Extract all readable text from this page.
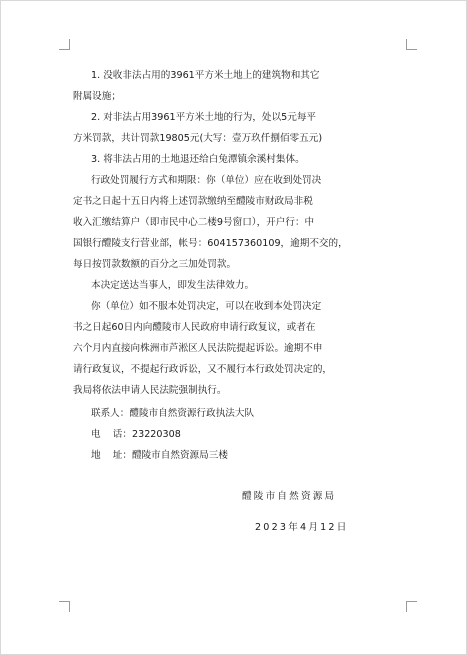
1. 没收非法占用的3961平方米土地上的建筑物和其它
附属设施；
2. 对非法占用3961平方米土地的行为，处以5元每平
方米罚款，共计罚款19805元(大写：壹万玖仟捌佰零五元)
3. 将非法占用的土地退还给白兔潭镇余溪村集体。
行政处罚履行方式和期限：你（单位）应在收到处罚决
定书之日起十五日内将上述罚款缴纳至醴陵市财政局非税
收入汇缴结算户（即市民中心二楼9号窗口），开户行：中
国银行醴陵支行营业部，帐号：604157360109，逾期不交的，
每日按罚款数额的百分之三加处罚款。
本决定送达当事人，即发生法律效力。
你（单位）如不服本处罚决定，可以在收到本处罚决定
书之日起60日内向醴陵市人民政府申请行政复议，或者在
六个月内直接向株洲市芦淞区人民法院提起诉讼。逾期不申
请行政复议，不提起行政诉讼，又不履行本行政处罚决定的，
我局将依法申请人民法院强制执行。
联系人：醴陵市自然资源行政执法大队
电    话：23220308
地    址：醴陵市自然资源局三楼
醴陵市自然资源局
2023年4月12日
